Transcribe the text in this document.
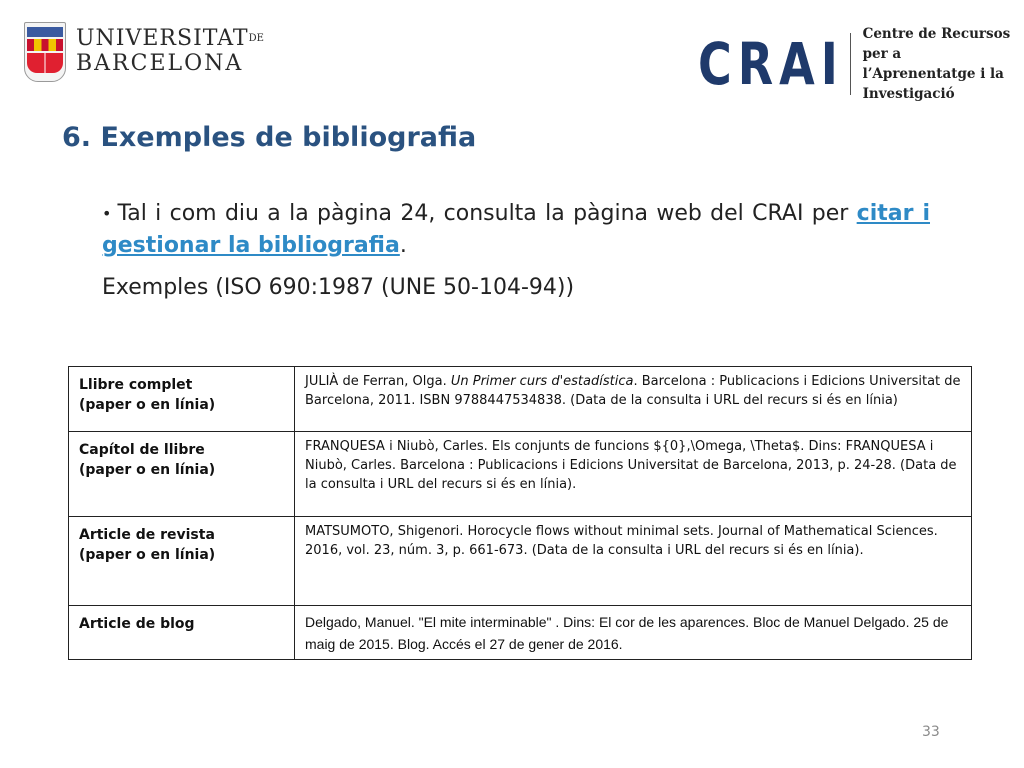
$UNIVERSITAT^{DE}$
BARCELONA	CRAI Centre de Recursos per a
l’Aprenentatge i la Investigació
6. Exemples de bibliografia

• Tal i com diu a la pàgina 24, consulta la pàgina web del CRAI per citar i gestionar la bibliografia.

Exemples (ISO 690:1987 (UNE 50-104-94))

Llibre complet
(paper o en línia)	JULIÀ de Ferran, Olga. Un Primer curs d'estadística. Barcelona : Publicacions i Edicions Universitat de Barcelona, 2011. ISBN 9788447534838. (Data de la consulta i URL del recurs si és en línia)

Capítol de llibre
(paper o en línia)	FRANQUESA i Niubò, Carles. Els conjunts de funcions ${0},\Omega, \Theta$. Dins: FRANQUESA i Niubò, Carles. Barcelona : Publicacions i Edicions Universitat de Barcelona, 2013, p. 24-28. (Data de la consulta i URL del recurs si és en línia).

Article de revista
(paper o en línia)	MATSUMOTO, Shigenori. Horocycle flows without minimal sets. Journal of Mathematical Sciences. 2016, vol. 23, núm. 3, p. 661-673. (Data de la consulta i URL del recurs si és en línia).

Article de blog	Delgado, Manuel. "El mite interminable" . Dins: El cor de les aparences. Bloc de Manuel Delgado. 25 de maig de 2015. Blog. Accés el 27 de gener de 2016.
33
